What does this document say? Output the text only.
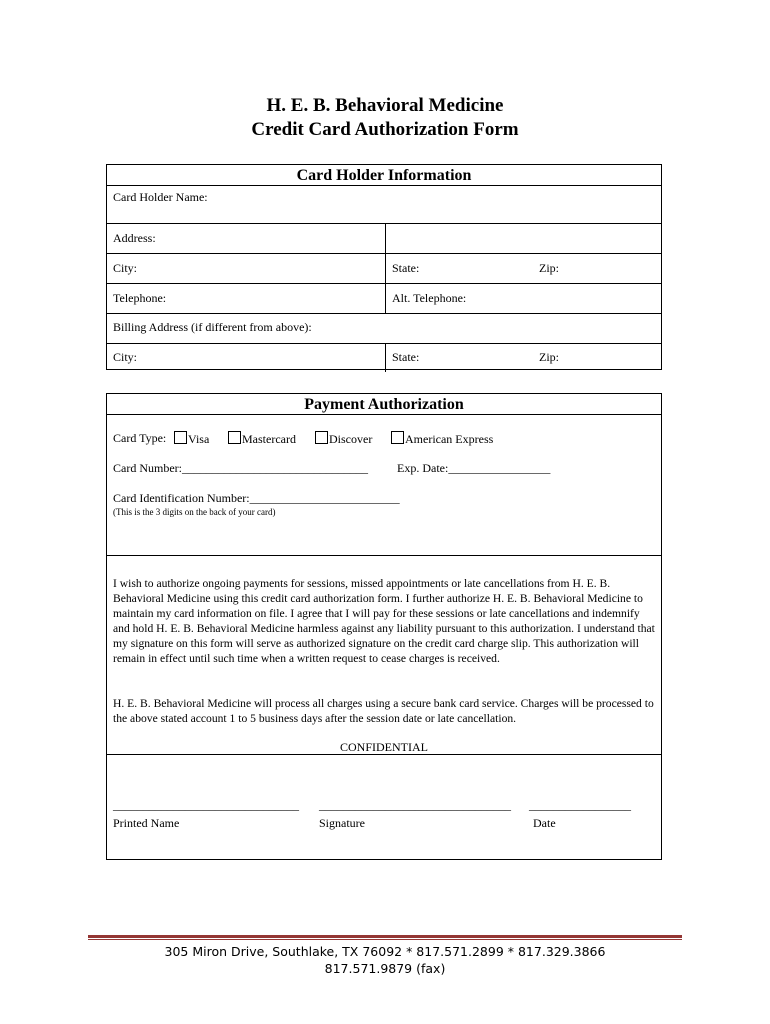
H. E. B. Behavioral Medicine
Credit Card Authorization Form
Card Holder Information
Card Holder Name:
Address:
City:	State:	Zip:
Telephone:	Alt. Telephone:
Billing Address (if different from above):
City:	State:	Zip:
Payment Authorization
Card Type:	Visa	Mastercard	Discover	American Express
Card Number:_______________________________ Exp. Date:_________________
Card Identification Number:_________________________
(This is the 3 digits on the back of your card)
I wish to authorize ongoing payments for sessions, missed appointments or late cancellations from H. E. B. Behavioral Medicine using this credit card authorization form. I further authorize H. E. B. Behavioral Medicine to maintain my card information on file. I agree that I will pay for these sessions or late cancellations and indemnify and hold H. E. B. Behavioral Medicine harmless against any liability pursuant to this authorization. I understand that my signature on this form will serve as authorized signature on the credit card charge slip. This authorization will remain in effect until such time when a written request to cease charges is received.
H. E. B. Behavioral Medicine will process all charges using a secure bank card service. Charges will be processed to the above stated account 1 to 5 business days after the session date or late cancellation.
CONFIDENTIAL
_______________________________ ________________________________ _________________
Printed Name	Signature	Date
305 Miron Drive, Southlake, TX 76092 * 817.571.2899 * 817.329.3866
817.571.9879 (fax)
